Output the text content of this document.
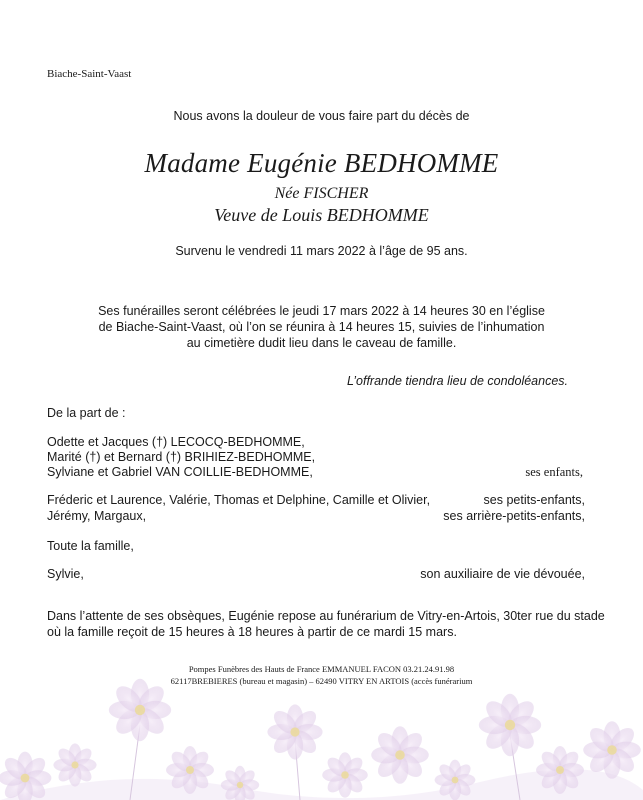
Biache-Saint-Vaast
Nous avons la douleur de vous faire part du décès de
Madame Eugénie BEDHOMME
Née FISCHER
Veuve de Louis BEDHOMME
Survenu le vendredi 11 mars 2022 à l’âge de 95 ans.
Ses funérailles seront célébrées le jeudi 17 mars 2022 à 14 heures 30 en l’église
de Biache-Saint-Vaast, où l’on se réunira à 14 heures 15, suivies de l’inhumation
au cimetière dudit lieu dans le caveau de famille.
L’offrande tiendra lieu de condoléances.
De la part de :
Odette et Jacques (†) LECOCQ-BEDHOMME,
Marité (†) et Bernard (†) BRIHIEZ-BEDHOMME,
Sylviane et Gabriel VAN COILLIE-BEDHOMME,	ses enfants,
Fréderic et Laurence, Valérie, Thomas et Delphine, Camille et Olivier,
Jérémy, Margaux,
ses petits-enfants,
ses arrière-petits-enfants,
Toute la famille,
Sylvie,	son auxiliaire de vie dévouée,
Dans l’attente de ses obsèques, Eugénie repose au funérarium de Vitry-en-Artois, 30ter rue du stade
où la famille reçoit de 15 heures à 18 heures à partir de ce mardi 15 mars.
Pompes Funèbres des Hauts de France EMMANUEL FACON 03.21.24.91.98
62117BREBIERES (bureau et magasin) – 62490 VITRY EN ARTOIS (accès funérarium
